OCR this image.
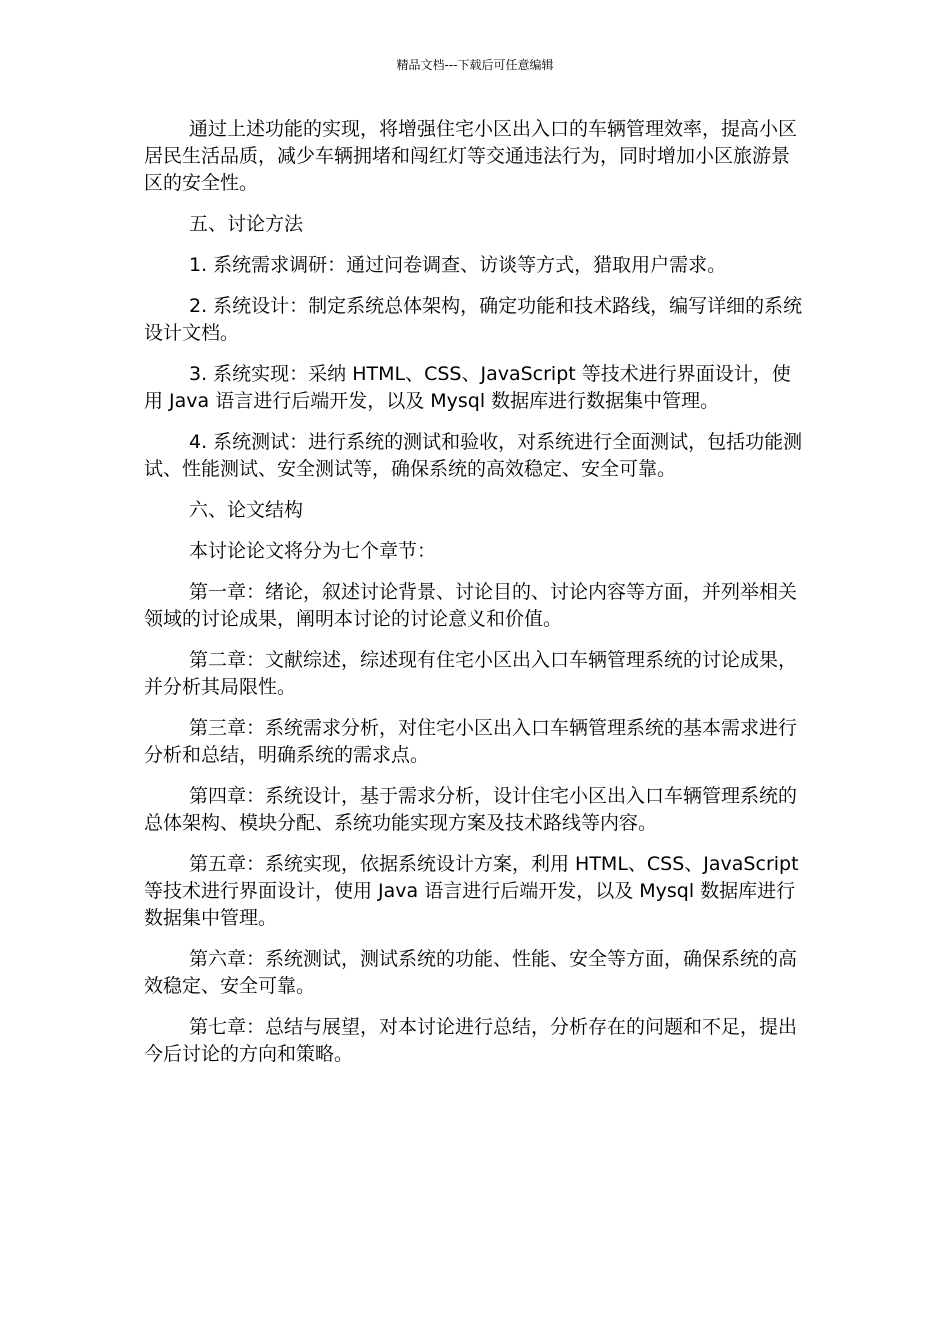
精品文档---下载后可任意编辑

通过上述功能的实现，将增强住宅小区出入口的车辆管理效率，提高小区居民生活品质，减少车辆拥堵和闯红灯等交通违法行为，同时增加小区旅游景区的安全性。

五、讨论方法

1. 系统需求调研：通过问卷调查、访谈等方式，猎取用户需求。

2. 系统设计：制定系统总体架构，确定功能和技术路线，编写详细的系统设计文档。

3. 系统实现：采纳 HTML、CSS、JavaScript 等技术进行界面设计，使用 Java 语言进行后端开发，以及 Mysql 数据库进行数据集中管理。

4. 系统测试：进行系统的测试和验收，对系统进行全面测试，包括功能测试、性能测试、安全测试等，确保系统的高效稳定、安全可靠。

六、论文结构

本讨论论文将分为七个章节：

第一章：绪论，叙述讨论背景、讨论目的、讨论内容等方面，并列举相关领域的讨论成果，阐明本讨论的讨论意义和价值。

第二章：文献综述，综述现有住宅小区出入口车辆管理系统的讨论成果，并分析其局限性。

第三章：系统需求分析，对住宅小区出入口车辆管理系统的基本需求进行分析和总结，明确系统的需求点。

第四章：系统设计，基于需求分析，设计住宅小区出入口车辆管理系统的总体架构、模块分配、系统功能实现方案及技术路线等内容。

第五章：系统实现，依据系统设计方案，利用 HTML、CSS、JavaScript 等技术进行界面设计，使用 Java 语言进行后端开发，以及 Mysql 数据库进行数据集中管理。

第六章：系统测试，测试系统的功能、性能、安全等方面，确保系统的高效稳定、安全可靠。

第七章：总结与展望，对本讨论进行总结，分析存在的问题和不足，提出今后讨论的方向和策略。
